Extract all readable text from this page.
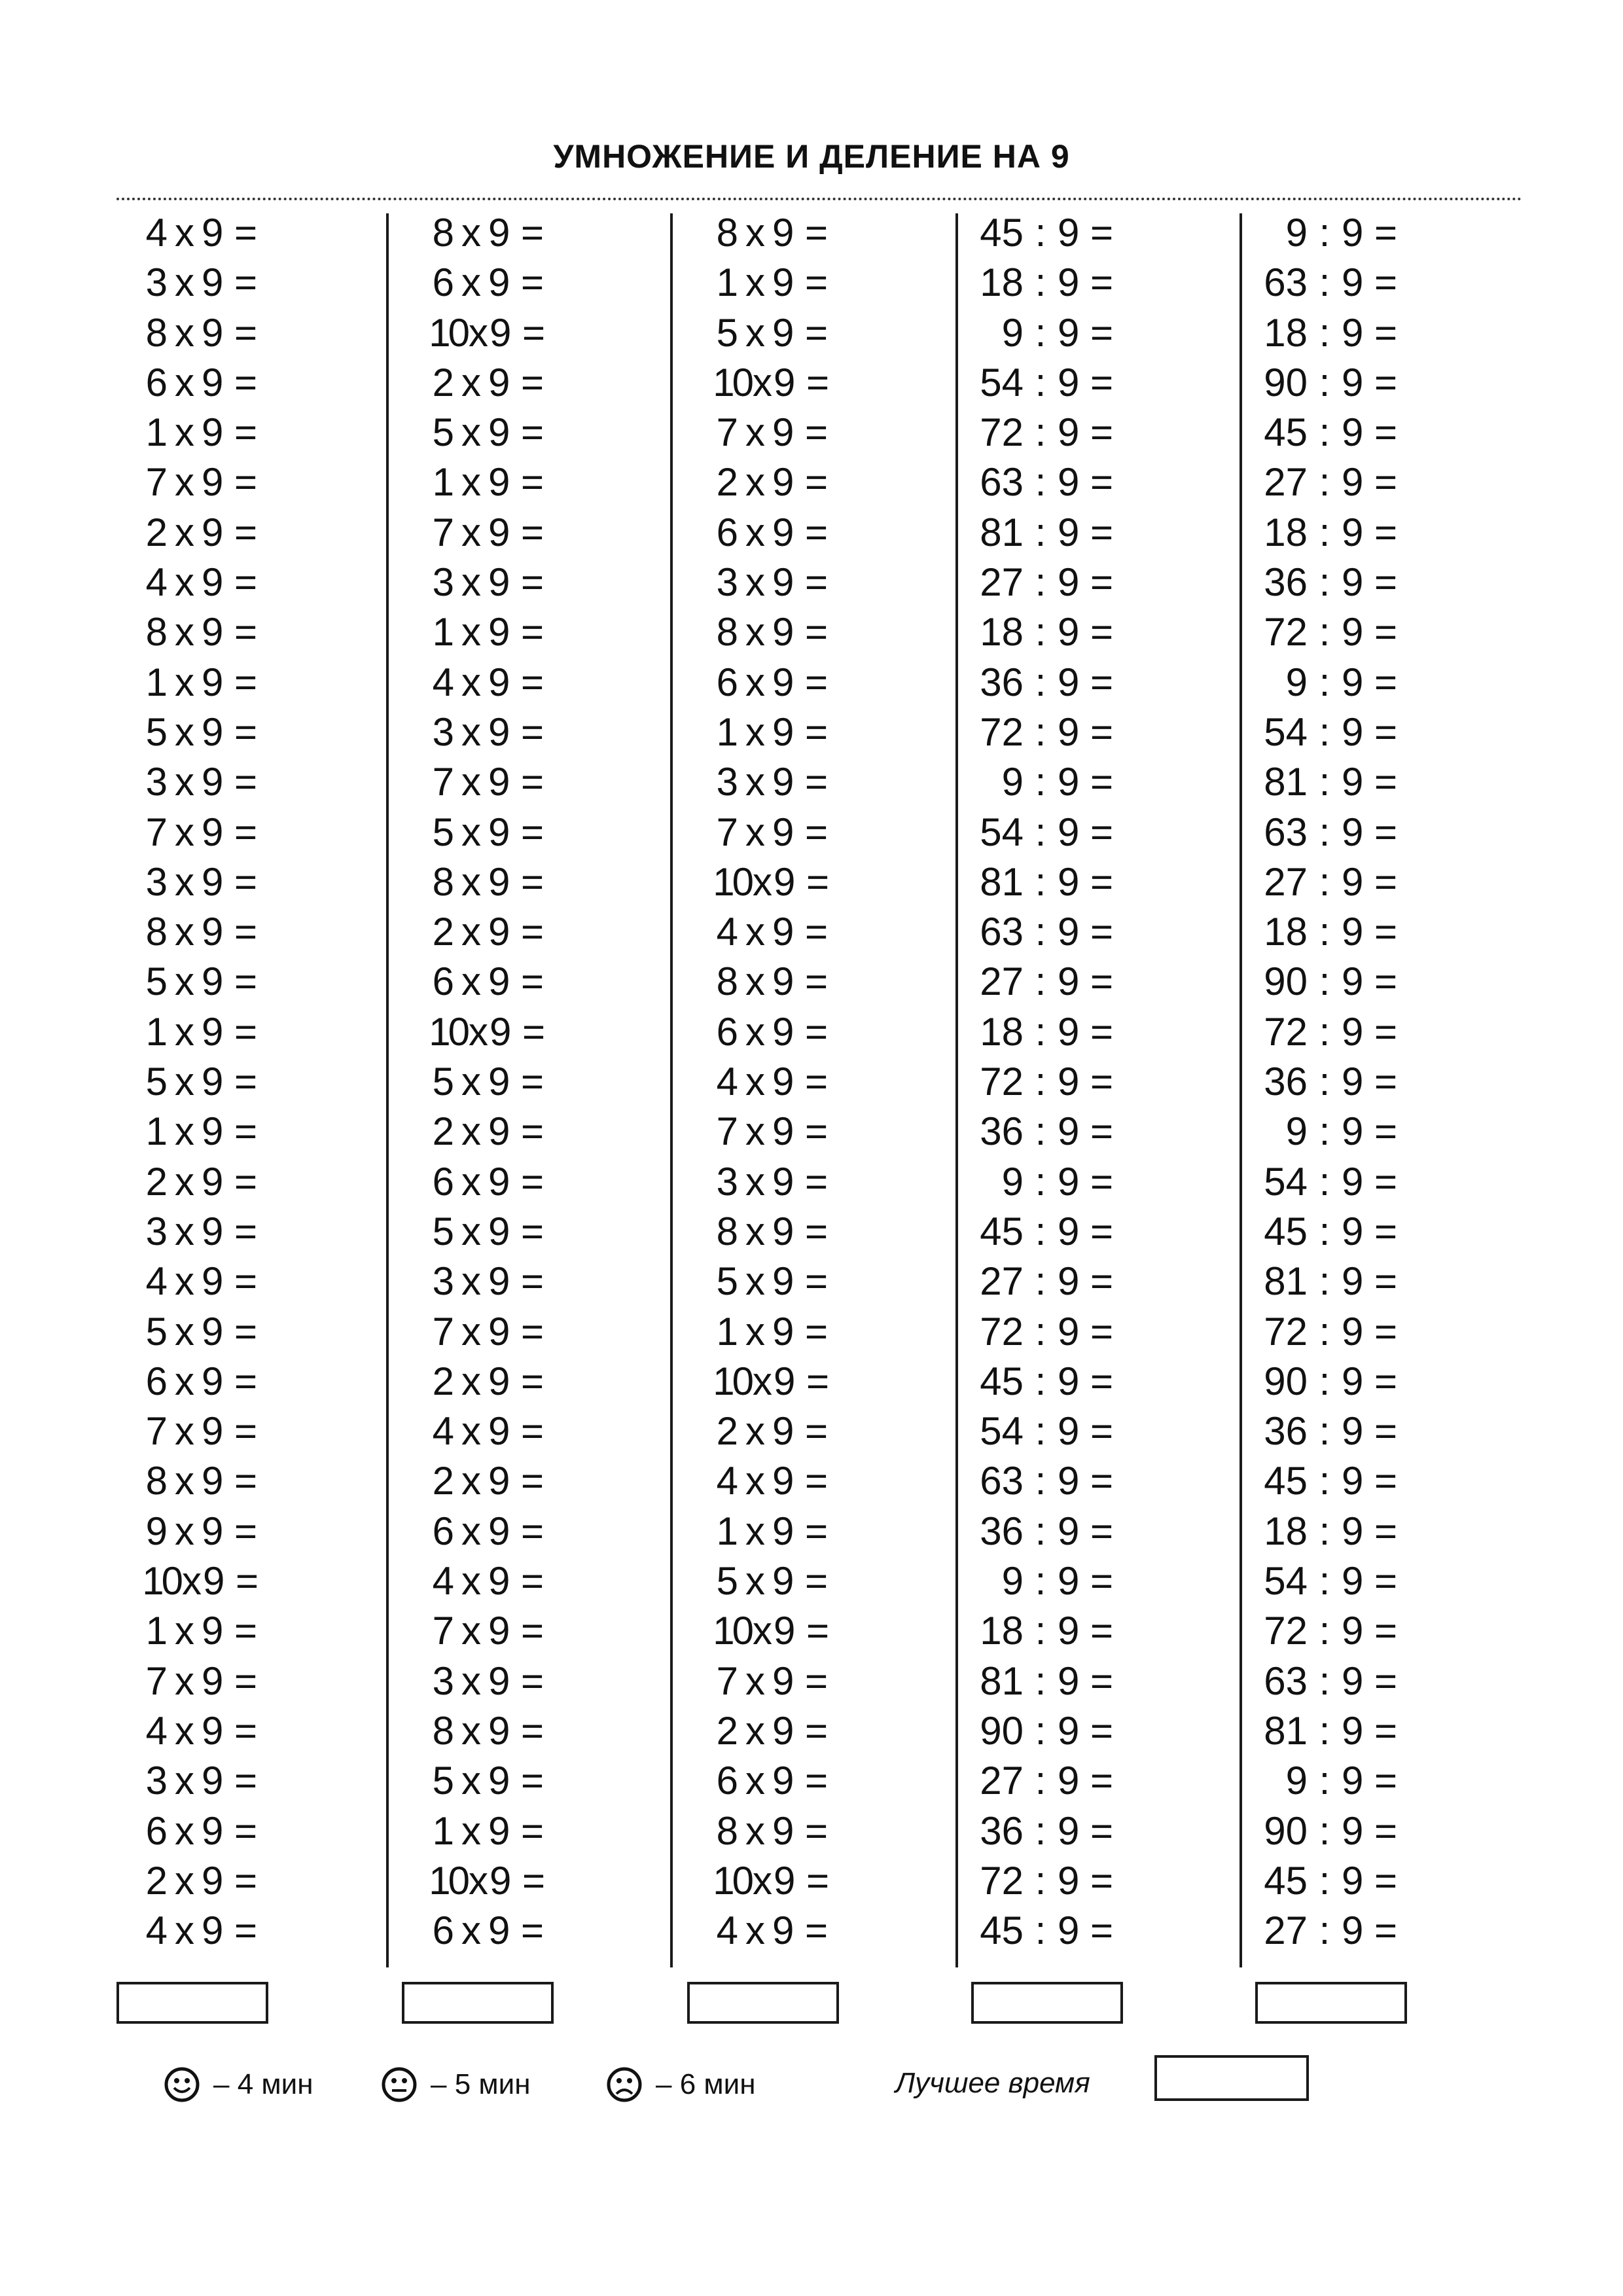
УМНОЖЕНИЕ И ДЕЛЕНИЕ НА 9
4 x 9 =
3 x 9 =
8 x 9 =
6 x 9 =
1 x 9 =
7 x 9 =
2 x 9 =
4 x 9 =
8 x 9 =
1 x 9 =
5 x 9 =
3 x 9 =
7 x 9 =
3 x 9 =
8 x 9 =
5 x 9 =
1 x 9 =
5 x 9 =
1 x 9 =
2 x 9 =
3 x 9 =
4 x 9 =
5 x 9 =
6 x 9 =
7 x 9 =
8 x 9 =
9 x 9 =
10x9 =
1 x 9 =
7 x 9 =
4 x 9 =
3 x 9 =
6 x 9 =
2 x 9 =
4 x 9 =
8 x 9 =
6 x 9 =
10x9 =
2 x 9 =
5 x 9 =
1 x 9 =
7 x 9 =
3 x 9 =
1 x 9 =
4 x 9 =
3 x 9 =
7 x 9 =
5 x 9 =
8 x 9 =
2 x 9 =
6 x 9 =
10x9 =
5 x 9 =
2 x 9 =
6 x 9 =
5 x 9 =
3 x 9 =
7 x 9 =
2 x 9 =
4 x 9 =
2 x 9 =
6 x 9 =
4 x 9 =
7 x 9 =
3 x 9 =
8 x 9 =
5 x 9 =
1 x 9 =
10x9 =
6 x 9 =
8 x 9 =
1 x 9 =
5 x 9 =
10x9 =
7 x 9 =
2 x 9 =
6 x 9 =
3 x 9 =
8 x 9 =
6 x 9 =
1 x 9 =
3 x 9 =
7 x 9 =
10x9 =
4 x 9 =
8 x 9 =
6 x 9 =
4 x 9 =
7 x 9 =
3 x 9 =
8 x 9 =
5 x 9 =
1 x 9 =
10x9 =
2 x 9 =
4 x 9 =
1 x 9 =
5 x 9 =
10x9 =
7 x 9 =
2 x 9 =
6 x 9 =
8 x 9 =
10x9 =
4 x 9 =
45 : 9 =
18 : 9 =
9 : 9 =
54 : 9 =
72 : 9 =
63 : 9 =
81 : 9 =
27 : 9 =
18 : 9 =
36 : 9 =
72 : 9 =
9 : 9 =
54 : 9 =
81 : 9 =
63 : 9 =
27 : 9 =
18 : 9 =
72 : 9 =
36 : 9 =
9 : 9 =
45 : 9 =
27 : 9 =
72 : 9 =
45 : 9 =
54 : 9 =
63 : 9 =
36 : 9 =
9 : 9 =
18 : 9 =
81 : 9 =
90 : 9 =
27 : 9 =
36 : 9 =
72 : 9 =
45 : 9 =
9 : 9 =
63 : 9 =
18 : 9 =
90 : 9 =
45 : 9 =
27 : 9 =
18 : 9 =
36 : 9 =
72 : 9 =
9 : 9 =
54 : 9 =
81 : 9 =
63 : 9 =
27 : 9 =
18 : 9 =
90 : 9 =
72 : 9 =
36 : 9 =
9 : 9 =
54 : 9 =
45 : 9 =
81 : 9 =
72 : 9 =
90 : 9 =
36 : 9 =
45 : 9 =
18 : 9 =
54 : 9 =
72 : 9 =
63 : 9 =
81 : 9 =
9 : 9 =
90 : 9 =
45 : 9 =
27 : 9 =
– 4 мин	– 5 мин	– 6 мин	Лучшее время
